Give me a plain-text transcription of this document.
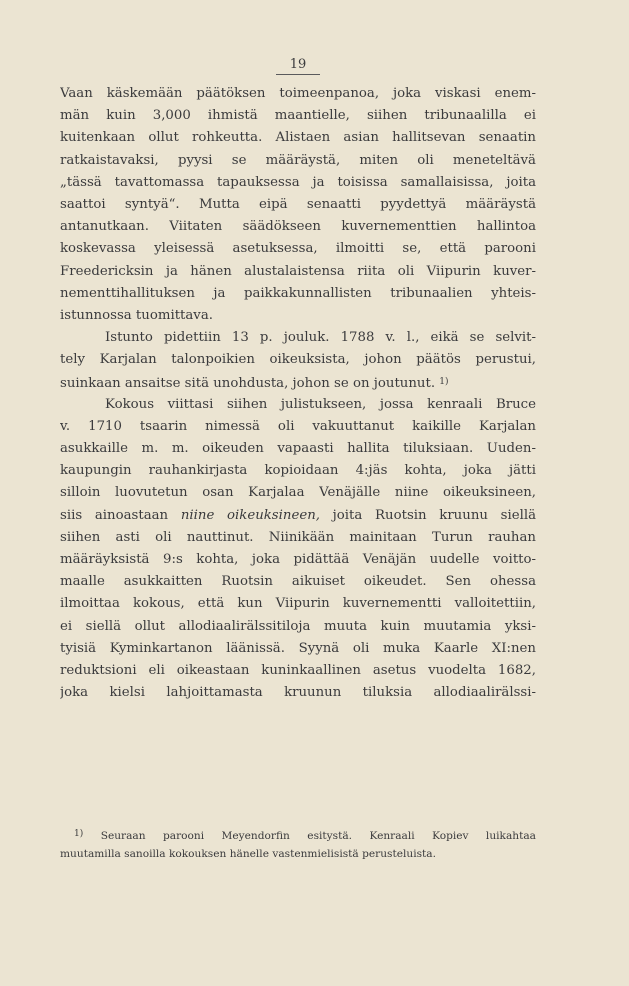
19
Vaan käskemään päätöksen toimeenpanoa, joka viskasi enem-
män kuin 3,000 ihmistä maantielle, siihen tribunaalilla ei
kuitenkaan ollut rohkeutta. Alistaen asian hallitsevan senaatin
ratkaistavaksi, pyysi se määräystä, miten oli meneteltävä
„tässä tavattomassa tapauksessa ja toisissa samallaisissa, joita
saattoi syntyä“. Mutta eipä senaatti pyydettyä määräystä
antanutkaan. Viitaten säädökseen kuvernementtien hallintoa
koskevassa yleisessä asetuksessa, ilmoitti se, että parooni
Freedericksin ja hänen alustalaistensa riita oli Viipurin kuver-
nementtihallituksen ja paikkakunnallisten tribunaalien yhteis-
istunnossa tuomittava.
Istunto pidettiin 13 p. jouluk. 1788 v. l., eikä se selvit-
tely Karjalan talonpoikien oikeuksista, johon päätös perustui,
suinkaan ansaitse sitä unohdusta, johon se on joutunut. $^{1)}$
Kokous viittasi siihen julistukseen, jossa kenraali Bruce
v. 1710 tsaarin nimessä oli vakuuttanut kaikille Karjalan
asukkaille m. m. oikeuden vapaasti hallita tiluksiaan. Uuden-
kaupungin rauhankirjasta kopioidaan 4:jäs kohta, joka jätti
silloin luovutetun osan Karjalaa Venäjälle niine oikeuksineen,
siis ainoastaan niine oikeuksineen, joita Ruotsin kruunu siellä
siihen asti oli nauttinut. Niinikään mainitaan Turun rauhan
määräyksistä 9:s kohta, joka pidättää Venäjän uudelle voitto-
maalle asukkaitten Ruotsin aikuiset oikeudet. Sen ohessa
ilmoittaa kokous, että kun Viipurin kuvernementti valloitettiin,
ei siellä ollut allodiaalirälssitiloja muuta kuin muutamia yksi-
tyisiä Kyminkartanon läänissä. Syynä oli muka Kaarle XI:nen
reduktsioni eli oikeastaan kuninkaallinen asetus vuodelta 1682,
joka kielsi lahjoittamasta kruunun tiluksia allodiaalirälssi-
$^{1)}$ Seuraan parooni Meyendorfin esitystä. Kenraali Kopiev luikahtaa
muutamilla sanoilla kokouksen hänelle vastenmielisistä perusteluista.
